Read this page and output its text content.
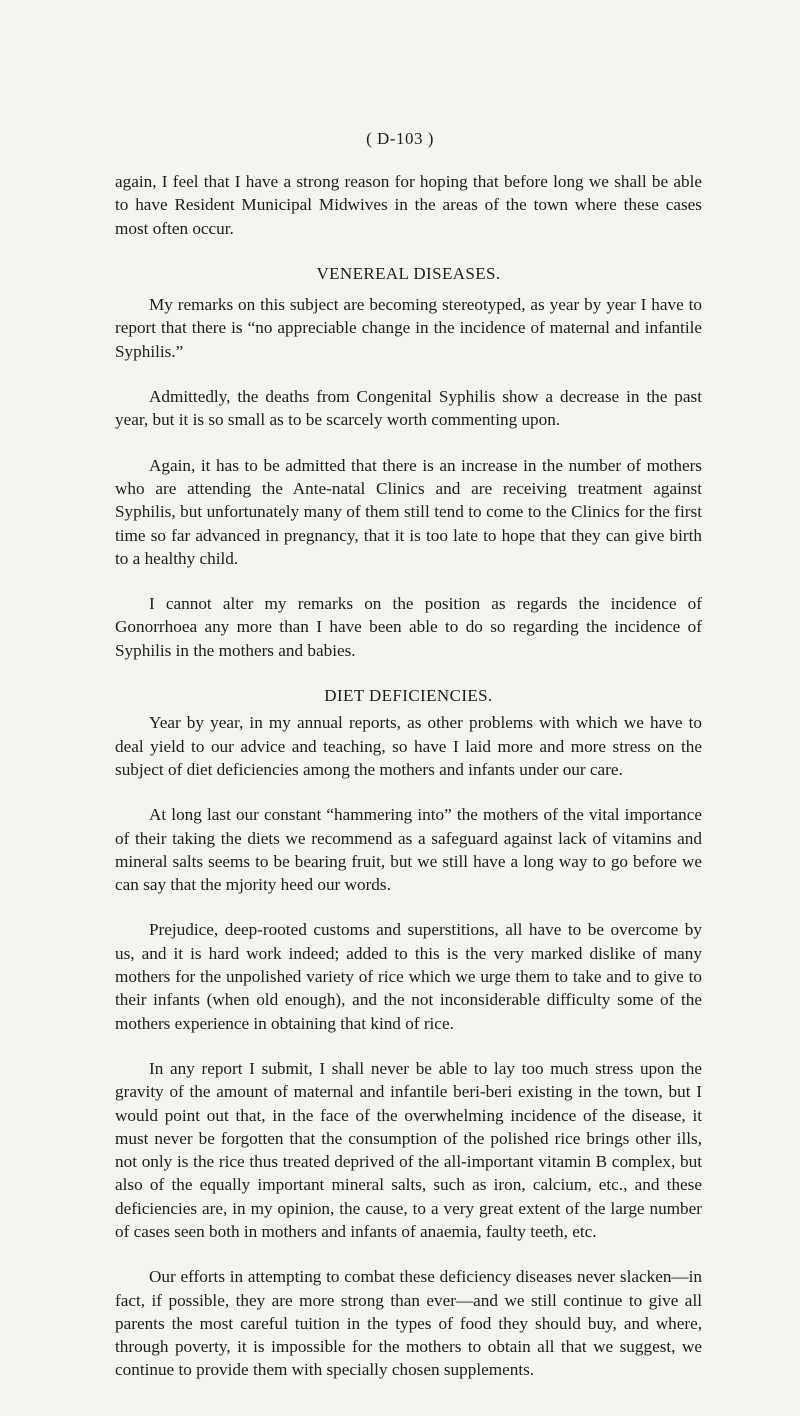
( D-103 )

again, I feel that I have a strong reason for hoping that before long we shall be able to have Resident Municipal Midwives in the areas of the town where these cases most often occur.

VENEREAL DISEASES.

My remarks on this subject are becoming stereotyped, as year by year I have to report that there is “no appreciable change in the incidence of maternal and infantile Syphilis.”

Admittedly, the deaths from Congenital Syphilis show a decrease in the past year, but it is so small as to be scarcely worth commenting upon.

Again, it has to be admitted that there is an increase in the number of mothers who are attending the Ante-natal Clinics and are receiving treatment against Syphilis, but unfortunately many of them still tend to come to the Clinics for the first time so far advanced in pregnancy, that it is too late to hope that they can give birth to a healthy child.

I cannot alter my remarks on the position as regards the incidence of Gonorrhoea any more than I have been able to do so regarding the incidence of Syphilis in the mothers and babies.

DIET DEFICIENCIES.

Year by year, in my annual reports, as other problems with which we have to deal yield to our advice and teaching, so have I laid more and more stress on the subject of diet deficiencies among the mothers and infants under our care.

At long last our constant “hammering into” the mothers of the vital importance of their taking the diets we recommend as a safeguard against lack of vitamins and mineral salts seems to be bearing fruit, but we still have a long way to go before we can say that the mjority heed our words.

Prejudice, deep-rooted customs and superstitions, all have to be overcome by us, and it is hard work indeed; added to this is the very marked dislike of many mothers for the unpolished variety of rice which we urge them to take and to give to their infants (when old enough), and the not inconsiderable difficulty some of the mothers experience in obtaining that kind of rice.

In any report I submit, I shall never be able to lay too much stress upon the gravity of the amount of maternal and infantile beri-beri existing in the town, but I would point out that, in the face of the overwhelming incidence of the disease, it must never be forgotten that the consumption of the polished rice brings other ills, not only is the rice thus treated deprived of the all-important vitamin B complex, but also of the equally important mineral salts, such as iron, calcium, etc., and these deficiencies are, in my opinion, the cause, to a very great extent of the large number of cases seen both in mothers and infants of anaemia, faulty teeth, etc.

Our efforts in attempting to combat these deficiency diseases never slacken—in fact, if possible, they are more strong than ever—and we still continue to give all parents the most careful tuition in the types of food they should buy, and where, through poverty, it is impossible for the mothers to obtain all that we suggest, we continue to provide them with specially chosen supplements.
